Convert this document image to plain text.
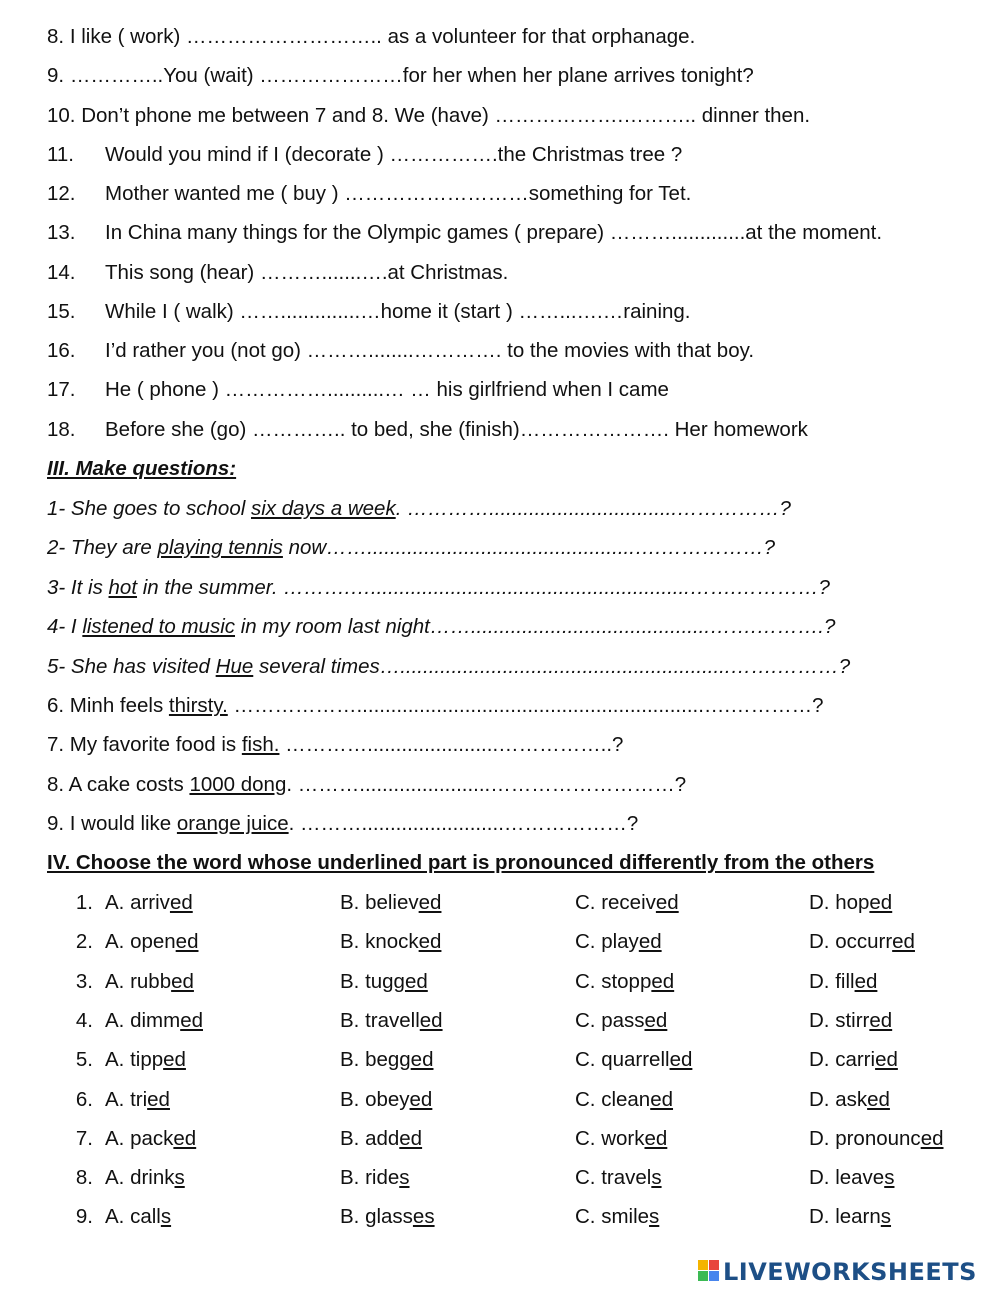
8. I like ( work) ……………………….. as a volunteer for that orphanage.
9. …………..You (wait) …………………for her when her plane arrives tonight?
10. Don’t phone me between 7 and 8. We (have) ……………….……….. dinner then.
11. Would you mind if I (decorate ) …………….the Christmas tree ?
12. Mother wanted me ( buy ) ………………………something for Tet.
13. In China many things for the Olympic games ( prepare) ……….............at the moment.
14. This song (hear) ……….......….at Christmas.
15. While I ( walk) ……..............…home it (start ) ……...….…raining.
16. I’d rather you (not go) ………........…………. to the movies with that boy.
17. He ( phone ) ……………..........… … his girlfriend when I came
18. Before she (go) ………….. to bed, she (finish)…………………. Her homework
III. Make questions:
1- She goes to school six days a week. ………….................................……………?
2- They are playing tennis now……...............................................….……………?
3- It is hot in the summer. ……….…........................................................…….…………?
4- I listened to music in my room last night……..........................................…….……….?
5- She has visited Hue several times…..........................................................…….………?
6. Minh feels thirsty. ……………….............................................................….…………?
7. My favorite food is fish. ………….......................……………..?
8. A cake costs 1000 dong. ……….......................………………………?
9. I would like orange juice. ……….........................………………?
IV. Choose the word whose underlined part is pronounced differently from the others
1. A. arrived	B. believed	C. received	D. hoped
2. A. opened	B. knocked	C. played	D. occurred
3. A. rubbed	B. tugged	C. stopped	D. filled
4. A. dimmed	B. travelled	C. passed	D. stirred
5. A. tipped	B. begged	C. quarrelled	D. carried
6. A. tried	B. obeyed	C. cleaned	D. asked
7. A. packed	B. added	C. worked	D. pronounced
8. A. drinks	B. rides	C. travels	D. leaves
9. A. calls	B. glasses	C. smiles	D. learns
LIVEWORKSHEETS
